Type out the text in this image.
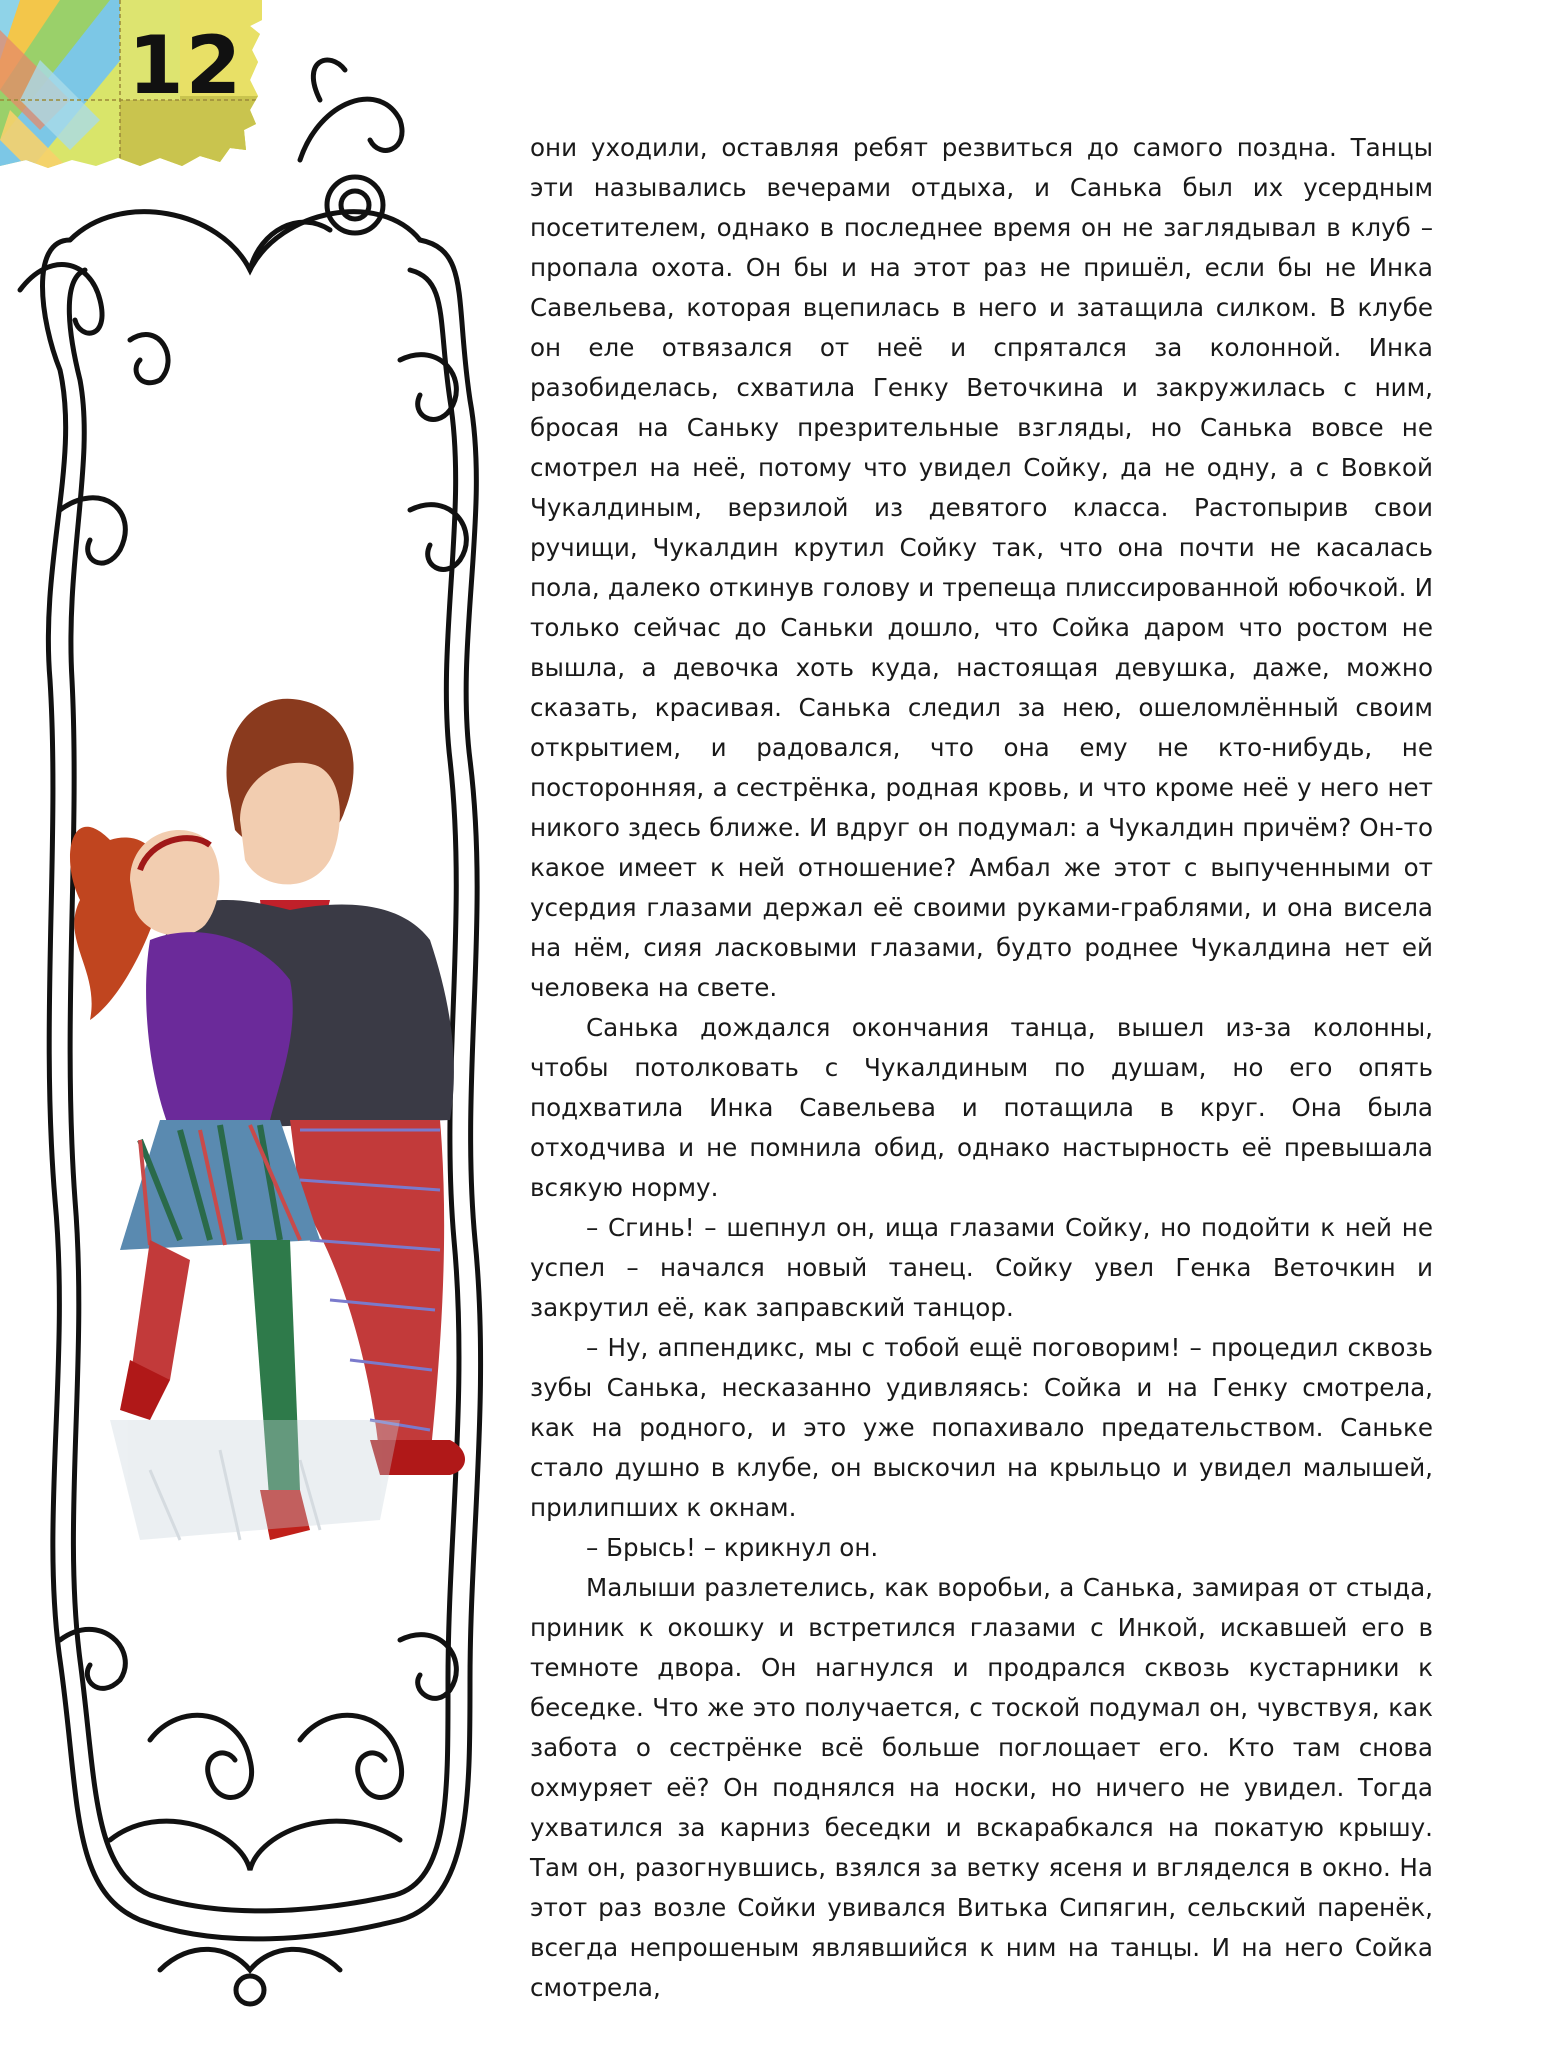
12

они уходили, оставляя ребят резвиться до самого поздна. Танцы эти назывались вечерами отдыха, и Санька был их усердным посетителем, однако в последнее время он не заглядывал в клуб – пропала охота. Он бы и на этот раз не пришёл, если бы не Инка Савельева, которая вцепилась в него и затащила силком. В клубе он еле отвязался от неё и спрятался за колонной. Инка разобиделась, схватила Генку Веточкина и закружилась с ним, бросая на Саньку презрительные взгляды, но Санька вовсе не смотрел на неё, потому что увидел Сойку, да не одну, а с Вовкой Чукалдиным, верзилой из девятого класса. Растопырив свои ручищи, Чукалдин крутил Сойку так, что она почти не касалась пола, далеко откинув голову и трепеща плиссированной юбочкой. И только сейчас до Саньки дошло, что Сойка даром что ростом не вышла, а девочка хоть куда, настоящая девушка, даже, можно сказать, красивая. Санька следил за нею, ошеломлённый своим открытием, и радовался, что она ему не кто-нибудь, не посторонняя, а сестрёнка, родная кровь, и что кроме неё у него нет никого здесь ближе. И вдруг он подумал: а Чукалдин причём? Он-то какое имеет к ней отношение? Амбал же этот с выпученными от усердия глазами держал её своими руками-граблями, и она висела на нём, сияя ласковыми глазами, будто роднее Чукалдина нет ей человека на свете.

Санька дождался окончания танца, вышел из-за колонны, чтобы потолковать с Чукалдиным по душам, но его опять подхватила Инка Савельева и потащила в круг. Она была отходчива и не помнила обид, однако настырность её превышала всякую норму.

– Сгинь! – шепнул он, ища глазами Сойку, но подойти к ней не успел – начался новый танец. Сойку увел Генка Веточкин и закрутил её, как заправский танцор.

– Ну, аппендикс, мы с тобой ещё поговорим! – процедил сквозь зубы Санька, несказанно удивляясь: Сойка и на Генку смотрела, как на родного, и это уже попахивало предательством. Саньке стало душно в клубе, он выскочил на крыльцо и увидел малышей, прилипших к окнам.

– Брысь! – крикнул он.

Малыши разлетелись, как воробьи, а Санька, замирая от стыда, приник к окошку и встретился глазами с Инкой, искавшей его в темноте двора. Он нагнулся и продрался сквозь кустарники к беседке. Что же это получается, с тоской подумал он, чувствуя, как забота о сестрёнке всё больше поглощает его. Кто там снова охмуряет её? Он поднялся на носки, но ничего не увидел. Тогда ухватился за карниз беседки и вскарабкался на покатую крышу. Там он, разогнувшись, взялся за ветку ясеня и вгляделся в окно. На этот раз возле Сойки увивался Витька Сипягин, сельский паренёк, всегда непрошеным являвшийся к ним на танцы. И на него Сойка смотрела,
